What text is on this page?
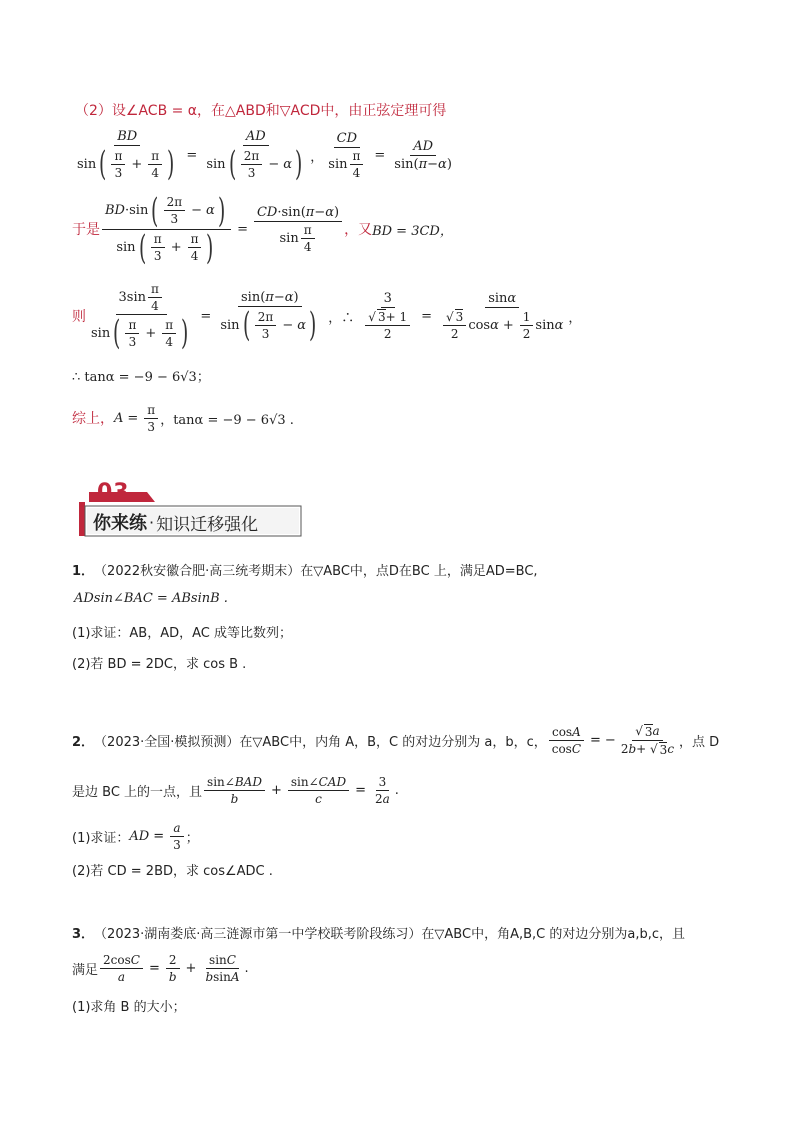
（2）设∠ACB = α，在△ABD和▽ACD中，由正弦定理可得
$\frac{BD}{\sin ( \frac{\pi}{3} + \frac{\pi}{4} )} = \frac{AD}{\sin ( \frac{2\pi}{3} - \alpha )}$ ， $\frac{CD}{\sin \frac{\pi}{4}} = \frac{AD}{\sin( \pi - \alpha )}$
于是 $\frac{BD \cdot\sin ( \frac{2\pi}{3} - \alpha )}{\sin ( \frac{\pi}{3} + \frac{\pi}{4} )} = \frac{CD \cdot\sin( \pi - \alpha )}{\sin \frac{\pi}{4}}$ ，又 BD = 3CD，
则 $\frac{3\sin \frac{\pi}{4}}{\sin ( \frac{\pi}{3} + \frac{\pi}{4} )} = \frac{\sin( \pi - \alpha )}{\sin ( \frac{2\pi}{3} - \alpha )}$ ，∴ $\frac{3}{\frac{√ 3 + 1}{2}} = \frac{\text{sin α}}{\frac{√ 3}{2} \cos \alpha + \frac{1}{2} \sin \alpha}$ ，
∴ tanα = −9 − 6√3；
综上， $A = \frac{\pi}{3}$ ，tanα = −9 − 6√3 .
03
你来练 · 知识迁移强化
1． （2022秋安徽合肥·高三统考期末） 在▽ABC中，点D在BC 上，满足AD=BC,
ADsin∠BAC = ABsinB .
(1)求证：AB，AD，AC 成等比数列；
(2)若 BD = 2DC，求 cos B .
2． （2023·全国·模拟预测） 在▽ABC中，内角 A，B，C 的对边分别为 a，b，c， $\frac{\text{cos A}}{\text{cos C}}$ = − $\frac{√ 3 a}{2 b + √ 3 c}$ ，点 D
是边 BC 上的一点，且 $\frac{\text{sin∠ BAD}}{b} + \frac{\text{sin∠ CAD}}{c} = \frac{3}{2 a}$ .
(1)求证： AD = $\frac{a}{3}$ ；
(2)若 CD = 2BD，求 cos∠ADC .
3． （2023·湖南娄底·高三涟源市第一中学校联考阶段练习） 在▽ABC中，角A,B,C 的对边分别为a,b,c，且
满足 $\frac{\text{2cos C}}{a} = \frac{2}{b} + \frac{\text{sin C}}{\text{b sin A}}$ .
(1)求角 B 的大小；
